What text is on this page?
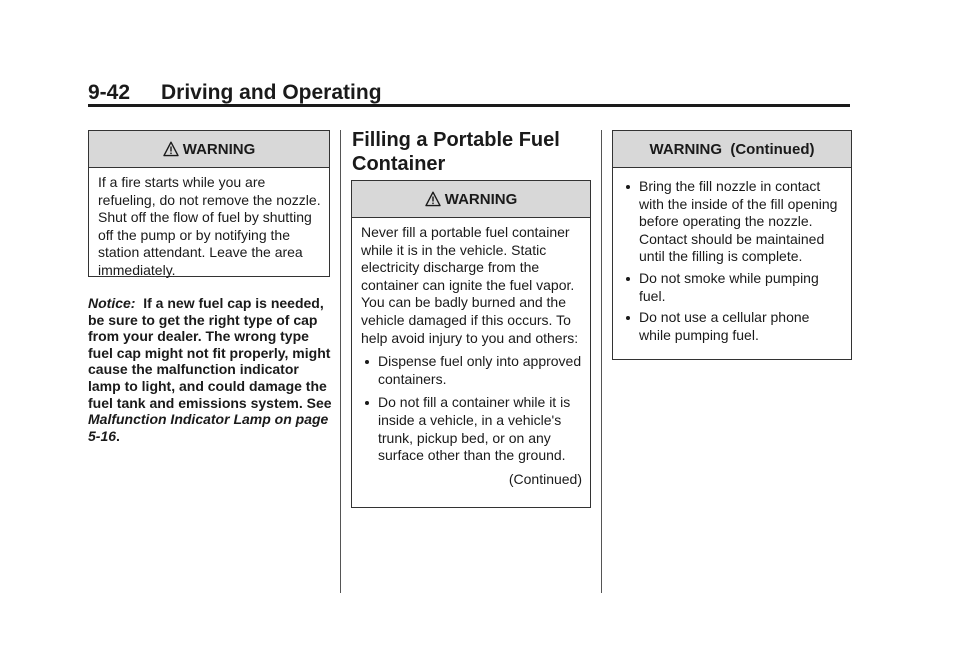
9-42 Driving and Operating
WARNING
If a fire starts while you are refueling, do not remove the nozzle. Shut off the flow of fuel by shutting off the pump or by notifying the station attendant. Leave the area immediately.
Notice: If a new fuel cap is needed, be sure to get the right type of cap from your dealer. The wrong type fuel cap might not fit properly, might cause the malfunction indicator lamp to light, and could damage the fuel tank and emissions system. See Malfunction Indicator Lamp on page 5-16.
Filling a Portable Fuel Container
WARNING
Never fill a portable fuel container while it is in the vehicle. Static electricity discharge from the container can ignite the fuel vapor. You can be badly burned and the vehicle damaged if this occurs. To help avoid injury to you and others:
Dispense fuel only into approved containers.
Do not fill a container while it is inside a vehicle, in a vehicle's trunk, pickup bed, or on any surface other than the ground.
(Continued)
WARNING  (Continued)
Bring the fill nozzle in contact with the inside of the fill opening before operating the nozzle. Contact should be maintained until the filling is complete.
Do not smoke while pumping fuel.
Do not use a cellular phone while pumping fuel.
